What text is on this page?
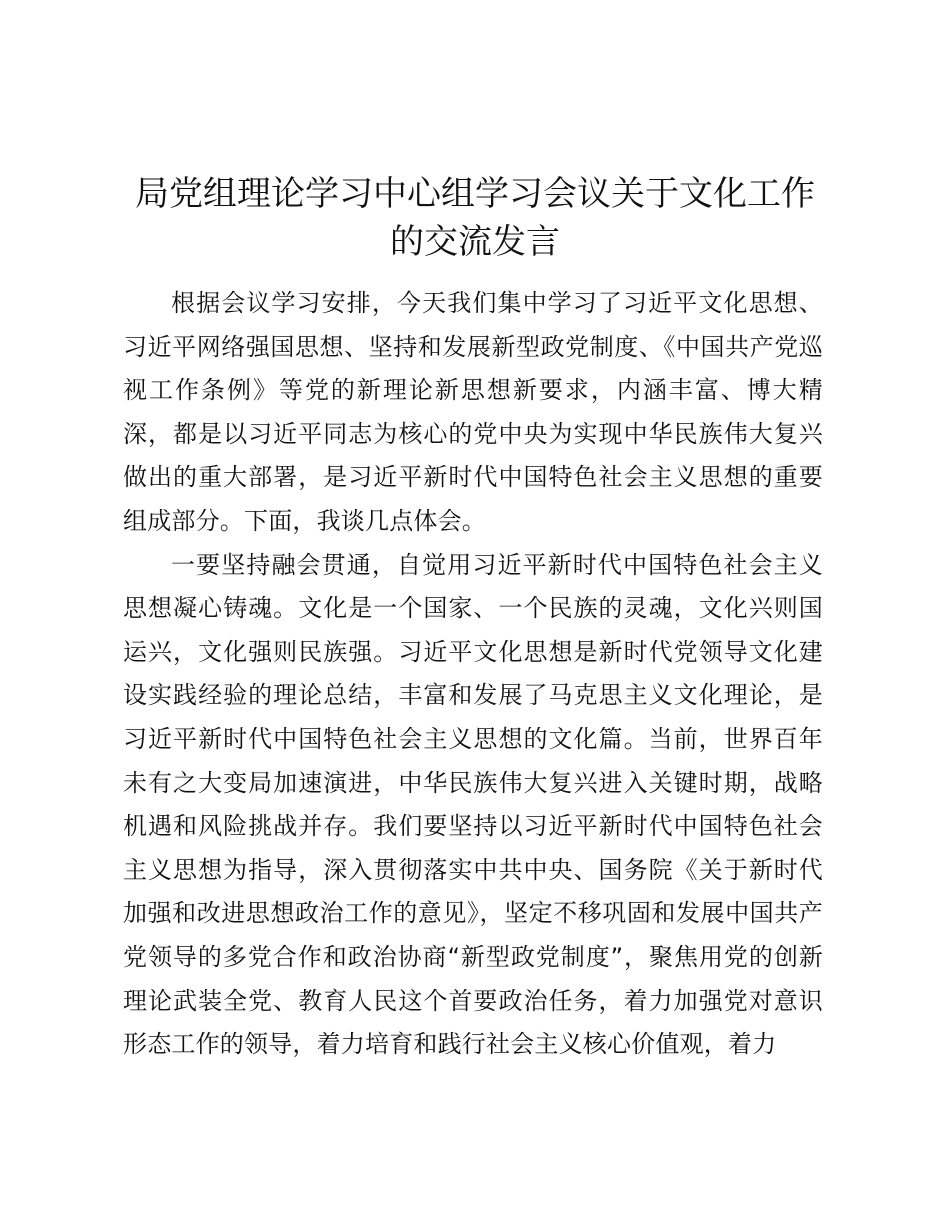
局党组理论学习中心组学习会议关于文化工作的交流发言

根据会议学习安排，今天我们集中学习了习近平文化思想、习近平网络强国思想、坚持和发展新型政党制度、《中国共产党巡视工作条例》等党的新理论新思想新要求，内涵丰富、博大精深，都是以习近平同志为核心的党中央为实现中华民族伟大复兴做出的重大部署，是习近平新时代中国特色社会主义思想的重要组成部分。下面，我谈几点体会。

一要坚持融会贯通，自觉用习近平新时代中国特色社会主义思想凝心铸魂。文化是一个国家、一个民族的灵魂，文化兴则国运兴，文化强则民族强。习近平文化思想是新时代党领导文化建设实践经验的理论总结，丰富和发展了马克思主义文化理论，是习近平新时代中国特色社会主义思想的文化篇。当前，世界百年未有之大变局加速演进，中华民族伟大复兴进入关键时期，战略机遇和风险挑战并存。我们要坚持以习近平新时代中国特色社会主义思想为指导，深入贯彻落实中共中央、国务院《关于新时代加强和改进思想政治工作的意见》，坚定不移巩固和发展中国共产党领导的多党合作和政治协商“新型政党制度”，聚焦用党的创新理论武装全党、教育人民这个首要政治任务，着力加强党对意识形态工作的领导，着力培育和践行社会主义核心价值观，着力
